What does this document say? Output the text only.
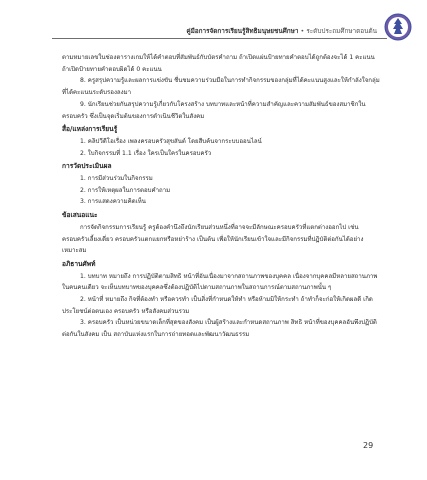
คู่มือการจัดการเรียนรู้สิทธิมนุษยชนศึกษา • ระดับประถมศึกษาตอนต้น

ตามหมายเลขในช่องตารางเกมให้ได้คำตอบที่สัมพันธ์กับบัตรคำถาม ถ้าเปิดแผ่นป้ายทายคำตอบได้ถูกต้องจะได้ 1 คะแนน ถ้าเปิดป้ายทายคำตอบผิดได้ 0 คะแนน

8. ครูสรุปความรู้และผลการแข่งขัน ชื่นชมความร่วมมือในการทำกิจกรรมของกลุ่มที่ได้คะแนนสูงและให้กำลังใจกลุ่มที่ได้คะแนนระดับรองลงมา

9. นักเรียนช่วยกันสรุปความรู้เกี่ยวกับโครงสร้าง บทบาทและหน้าที่ความสำคัญและความสัมพันธ์ของสมาชิกในครอบครัว ซึ่งเป็นจุดเริ่มต้นของการดำเนินชีวิตในสังคม

สื่อ/แหล่งการเรียนรู้

1. คลิปวีดีโอเรื่อง เพลงครอบครัวสุขสันต์ โดยสืบค้นจากระบบออนไลน์

2. ใบกิจกรรมที่ 1.1 เรื่อง ใครเป็นใครในครอบครัว

การวัดประเมินผล

1. การมีส่วนร่วมในกิจกรรม

2. การให้เหตุผลในการตอบคำถาม

3. การแสดงความคิดเห็น

ข้อเสนอแนะ

การจัดกิจกรรมการเรียนรู้ ครูต้องคำนึงถึงนักเรียนส่วนหนึ่งที่อาจจะมีลักษณะครอบครัวที่แตกต่างออกไป เช่น ครอบครัวเลี้ยงเดี่ยว ครอบครัวแตกแยกหรือหย่าร้าง เป็นต้น เพื่อให้นักเรียนเข้าใจและมีกิจกรรมที่ปฏิบัติต่อกันได้อย่างเหมาะสม

อภิธานศัพท์

1. บทบาท หมายถึง การปฏิบัติตามสิทธิ หน้าที่อันเนื่องมาจากสถานภาพของบุคคล เนื่องจากบุคคลมีหลายสถานภาพในคนคนเดียว จะเห็นบทบาทของบุคคลซึ่งต้องปฏิบัติไปตามสถานภาพในสถานการณ์ตามสถานภาพนั้น ๆ

2. หน้าที่ หมายถึง กิจที่ต้องทำ หรือควรทำ เป็นสิ่งที่กำหนดให้ทำ หรือห้ามมิให้กระทำ ถ้าทำก็จะก่อให้เกิดผลดี เกิดประโยชน์ต่อตนเอง ครอบครัว หรือสังคมส่วนรวม

3. ครอบครัว เป็นหน่วยขนาดเล็กที่สุดของสังคม เป็นผู้สร้างและกำหนดสถานภาพ สิทธิ หน้าที่ของบุคคลอันพึงปฏิบัติต่อกันในสังคม เป็น สถาบันแห่งแรกในการถ่ายทอดและพัฒนาวัฒนธรรม

29
